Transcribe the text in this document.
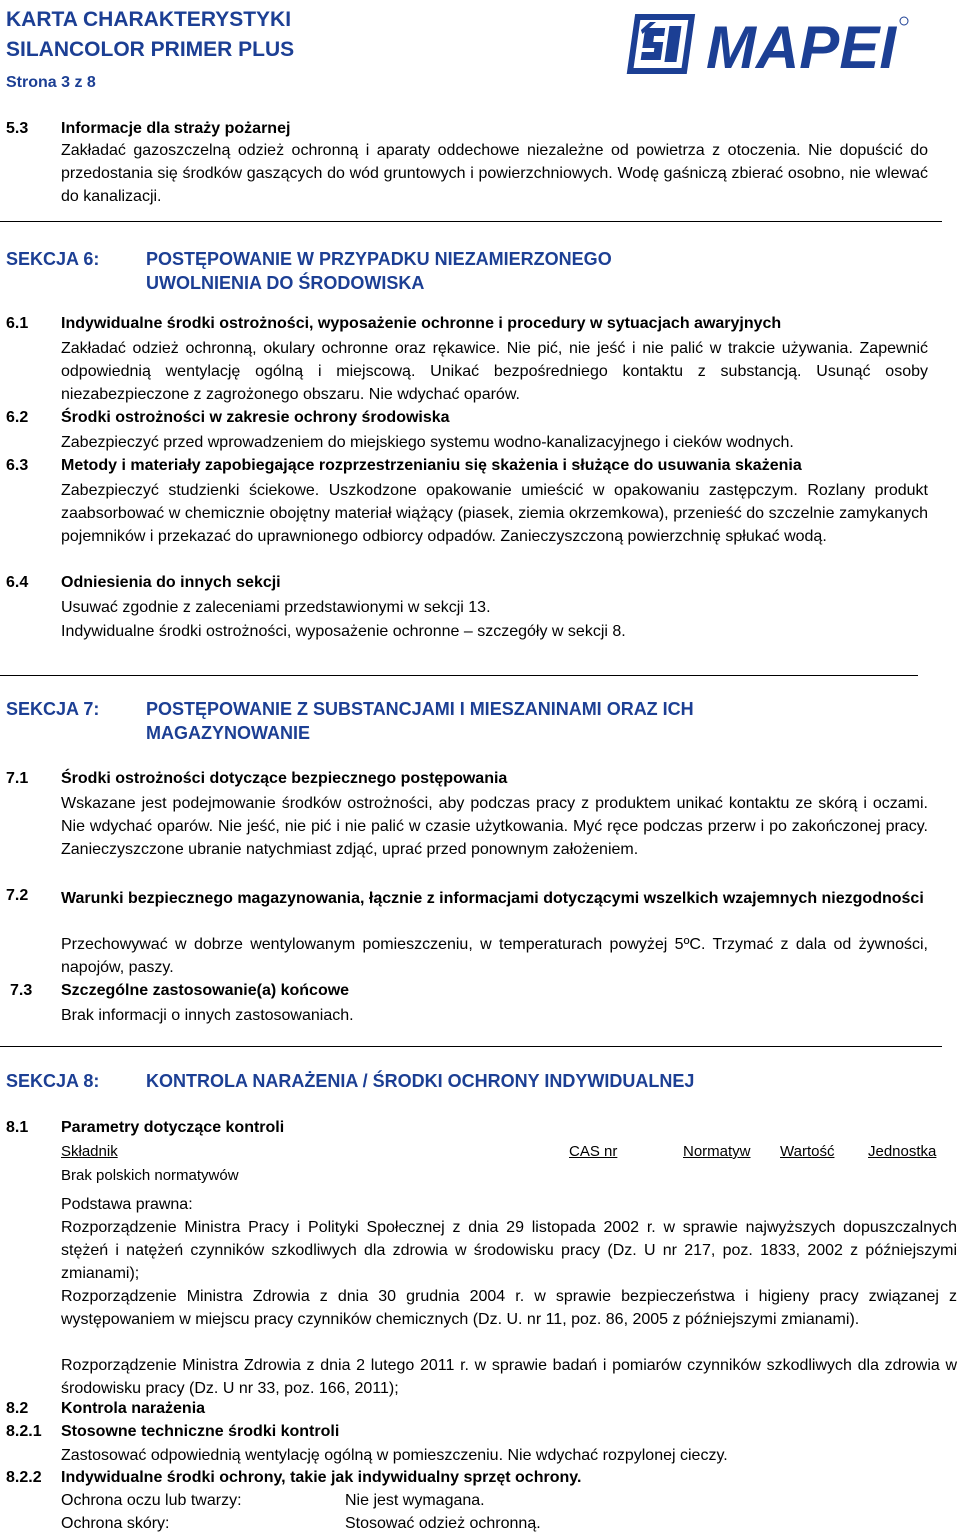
KARTA CHARAKTERYSTYKI
SILANCOLOR PRIMER PLUS
Strona 3 z 8
MAPEI
5.3 Informacje dla straży pożarnej
Zakładać gazoszczelną odzież ochronną i aparaty oddechowe niezależne od powietrza z otoczenia. Nie dopuścić do przedostania się środków gaszących do wód gruntowych i powierzchniowych. Wodę gaśniczą zbierać osobno, nie wlewać do kanalizacji.
SEKCJA 6:	POSTĘPOWANIE W PRZYPADKU NIEZAMIERZONEGO UWOLNIENIA DO ŚRODOWISKA
6.1 Indywidualne środki ostrożności, wyposażenie ochronne i procedury w sytuacjach awaryjnych
Zakładać odzież ochronną, okulary ochronne oraz rękawice. Nie pić, nie jeść i nie palić w trakcie używania. Zapewnić odpowiednią wentylację ogólną i miejscową. Unikać bezpośredniego kontaktu z substancją. Usunąć osoby niezabezpieczone z zagrożonego obszaru. Nie wdychać oparów.
6.2 Środki ostrożności w zakresie ochrony środowiska
Zabezpieczyć przed wprowadzeniem do miejskiego systemu wodno-kanalizacyjnego i cieków wodnych.
6.3 Metody i materiały zapobiegające rozprzestrzenianiu się skażenia i służące do usuwania skażenia
Zabezpieczyć studzienki ściekowe. Uszkodzone opakowanie umieścić w opakowaniu zastępczym. Rozlany produkt zaabsorbować w chemicznie obojętny materiał wiążący (piasek, ziemia okrzemkowa), przenieść do szczelnie zamykanych pojemników i przekazać do uprawnionego odbiorcy odpadów. Zanieczyszczoną powierzchnię spłukać wodą.
6.4 Odniesienia do innych sekcji
Usuwać zgodnie z zaleceniami przedstawionymi w sekcji 13.
Indywidualne środki ostrożności, wyposażenie ochronne – szczegóły w sekcji 8.
SEKCJA 7:	POSTĘPOWANIE Z SUBSTANCJAMI I MIESZANINAMI ORAZ ICH MAGAZYNOWANIE
7.1 Środki ostrożności dotyczące bezpiecznego postępowania
Wskazane jest podejmowanie środków ostrożności, aby podczas pracy z produktem unikać kontaktu ze skórą i oczami. Nie wdychać oparów. Nie jeść, nie pić i nie palić w czasie użytkowania. Myć ręce podczas przerw i po zakończonej pracy. Zanieczyszczone ubranie natychmiast zdjąć, uprać przed ponownym założeniem.
7.2 Warunki bezpiecznego magazynowania, łącznie z informacjami dotyczącymi wszelkich wzajemnych niezgodności
Przechowywać w dobrze wentylowanym pomieszczeniu, w temperaturach powyżej 5ºC. Trzymać z dala od żywności, napojów, paszy.
7.3 Szczególne zastosowanie(a) końcowe
Brak informacji o innych zastosowaniach.
SEKCJA 8:	KONTROLA NARAŻENIA / ŚRODKI OCHRONY INDYWIDUALNEJ
8.1 Parametry dotyczące kontroli
Składnik	CAS nr	Normatyw Wartość Jednostka
Brak polskich normatywów
Podstawa prawna:
Rozporządzenie Ministra Pracy i Polityki Społecznej z dnia 29 listopada 2002 r. w sprawie najwyższych dopuszczalnych stężeń i natężeń czynników szkodliwych dla zdrowia w środowisku pracy (Dz. U nr 217, poz. 1833, 2002 z późniejszymi zmianami);
Rozporządzenie Ministra Zdrowia z dnia 30 grudnia 2004 r. w sprawie bezpieczeństwa i higieny pracy związanej z występowaniem w miejscu pracy czynników chemicznych (Dz. U. nr 11, poz. 86, 2005 z późniejszymi zmianami).
Rozporządzenie Ministra Zdrowia z dnia 2 lutego 2011 r. w sprawie badań i pomiarów czynników szkodliwych dla zdrowia w środowisku pracy (Dz. U nr 33, poz. 166, 2011);
8.2 Kontrola narażenia
8.2.1 Stosowne techniczne środki kontroli
Zastosować odpowiednią wentylację ogólną w pomieszczeniu. Nie wdychać rozpylonej cieczy.
8.2.2 Indywidualne środki ochrony, takie jak indywidualny sprzęt ochrony.
Ochrona oczu lub twarzy:	Nie jest wymagana.
Ochrona skóry:	Stosować odzież ochronną.
